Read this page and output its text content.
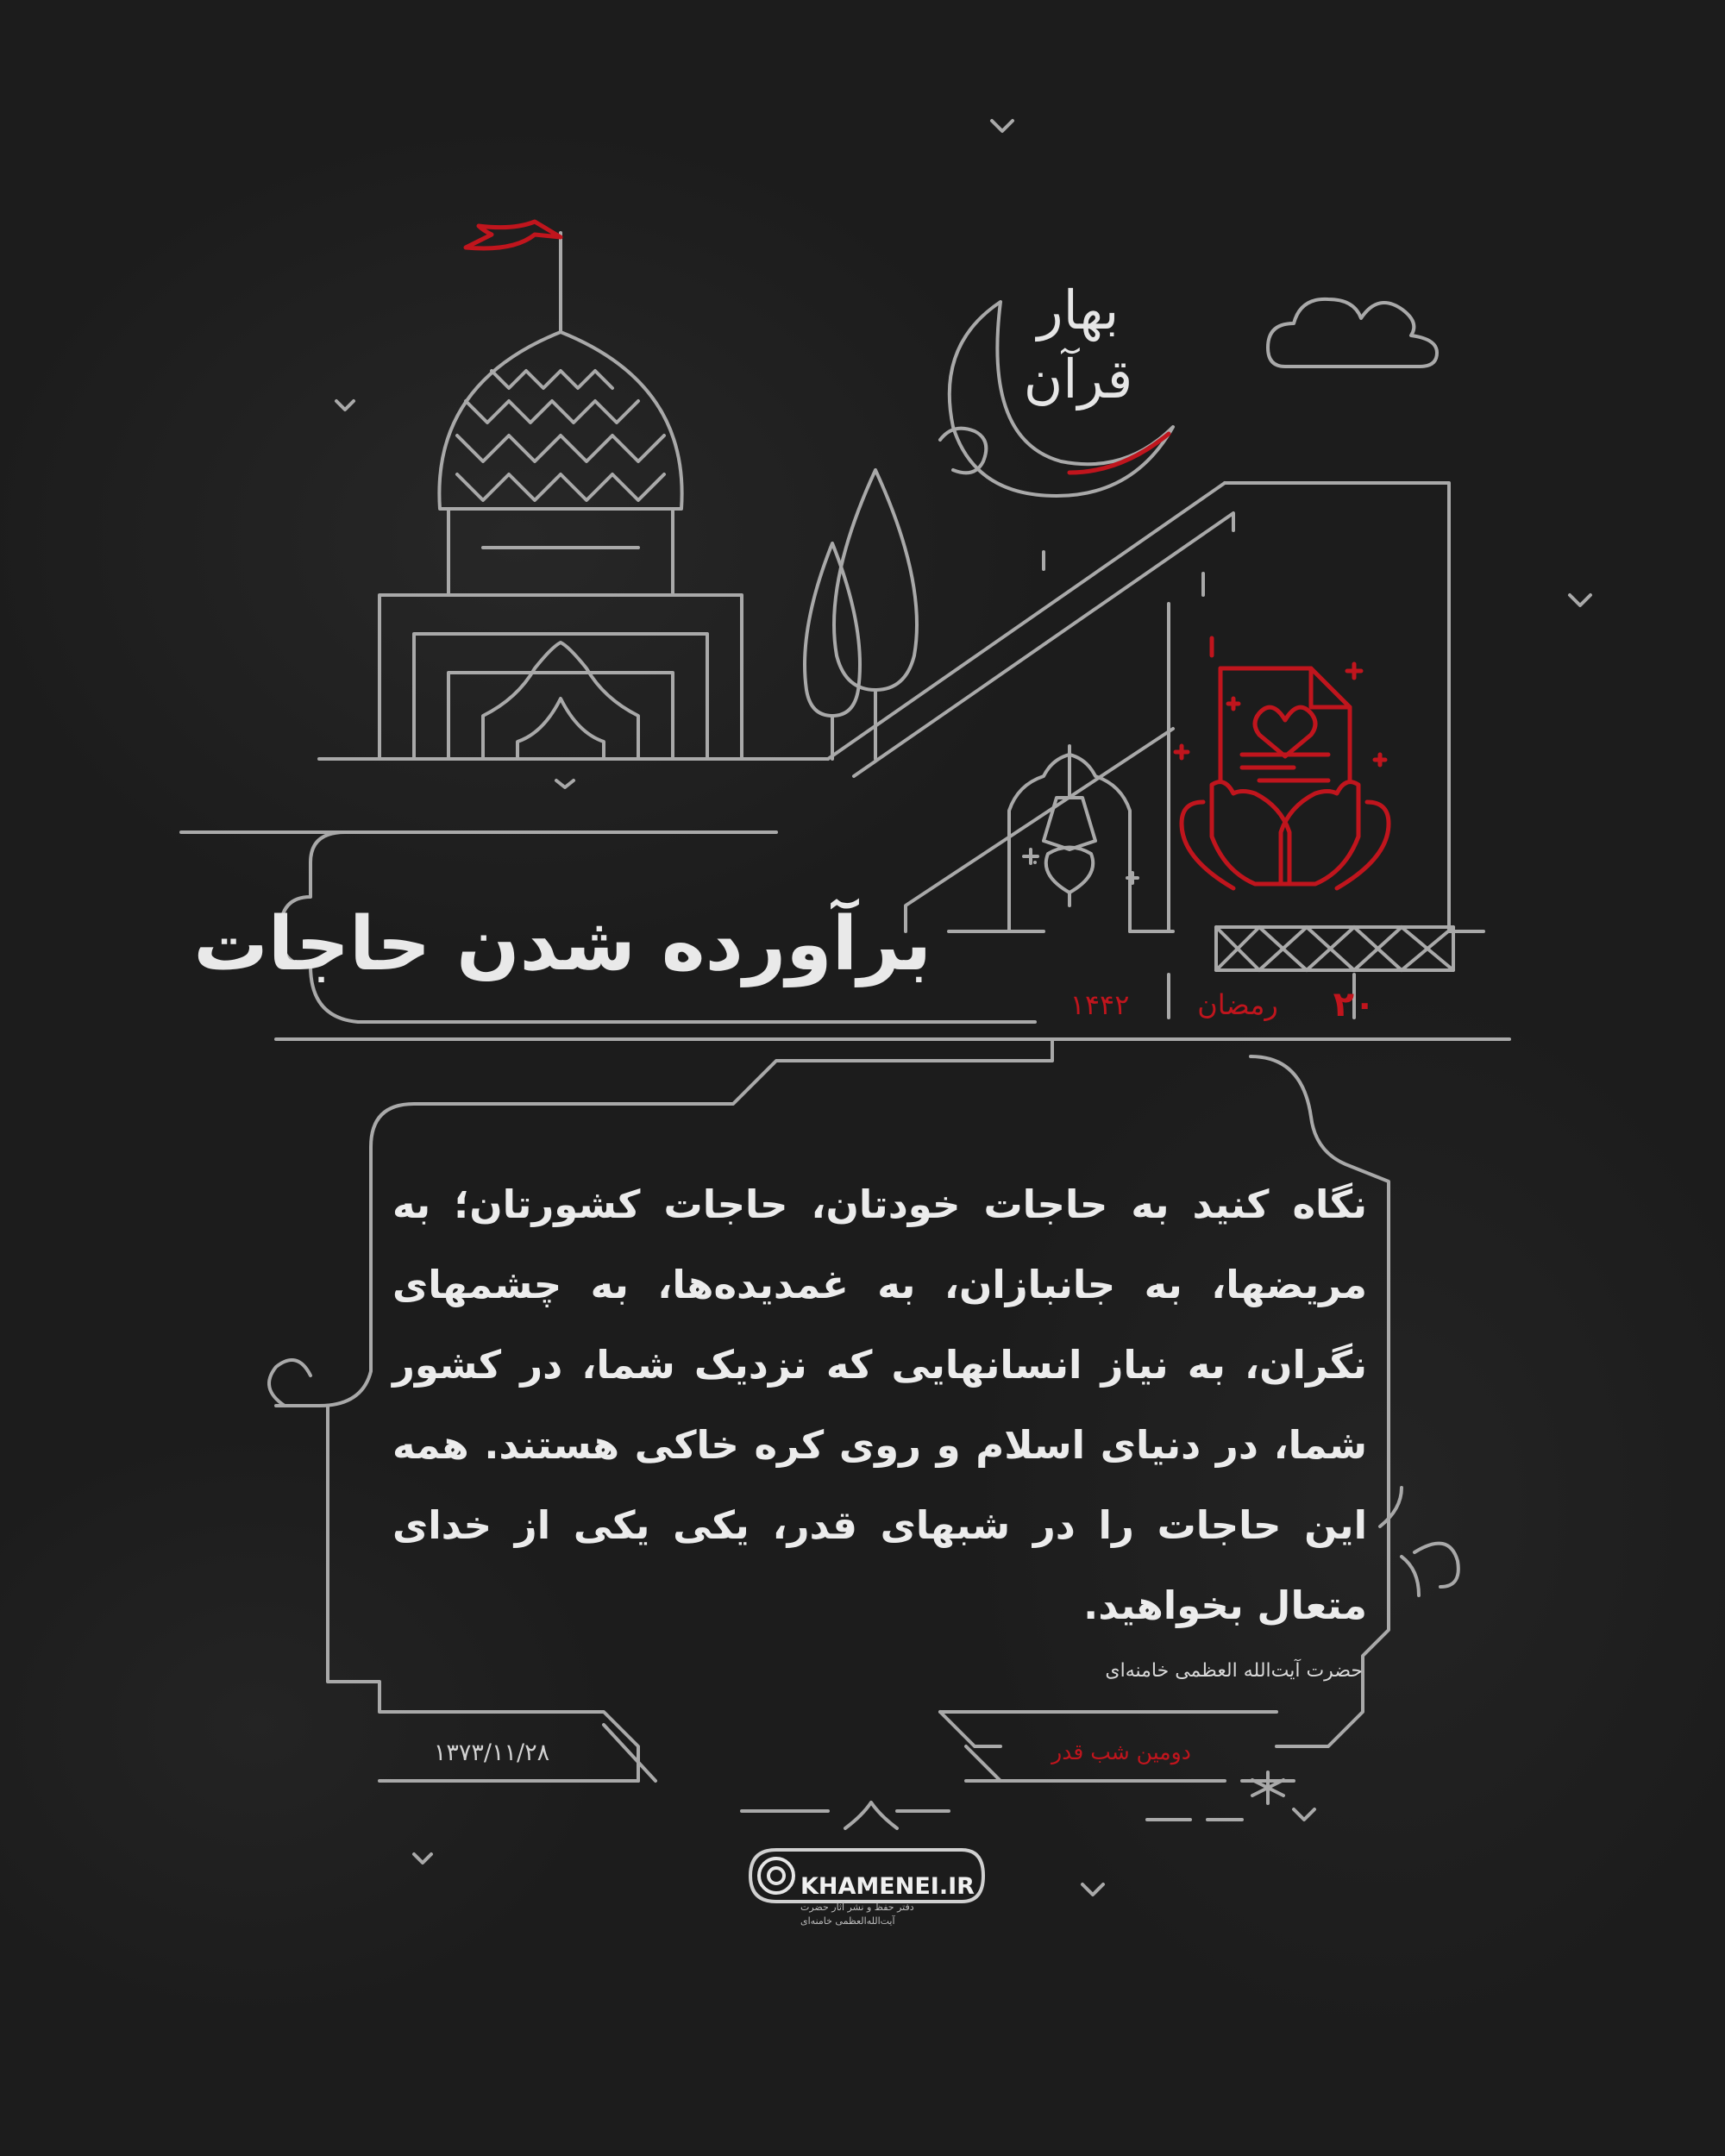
بهار قرآن
برآورده شدن حاجات
۲۰
رمضان
۱۴۴۲
نگاه کنید به حاجات خودتان، حاجات کشورتان؛ به مریضها، به جانبازان، به غمدیده‌ها، به چشمهای نگران، به نیاز انسانهایی که نزدیک شما، در کشور شما، در دنیای اسلام و روی کره خاکی هستند. همه این حاجات را در شبهای قدر، یکی یکی از خدای متعال بخواهید.
حضرت آیت‌الله العظمی خامنه‌ای
۱۳۷۳/۱۱/۲۸	دومین شب قدر
KHAMENEI.IR
دفتر حفظ و نشر آثار حضرت آیت‌الله‌العظمی خامنه‌ای
